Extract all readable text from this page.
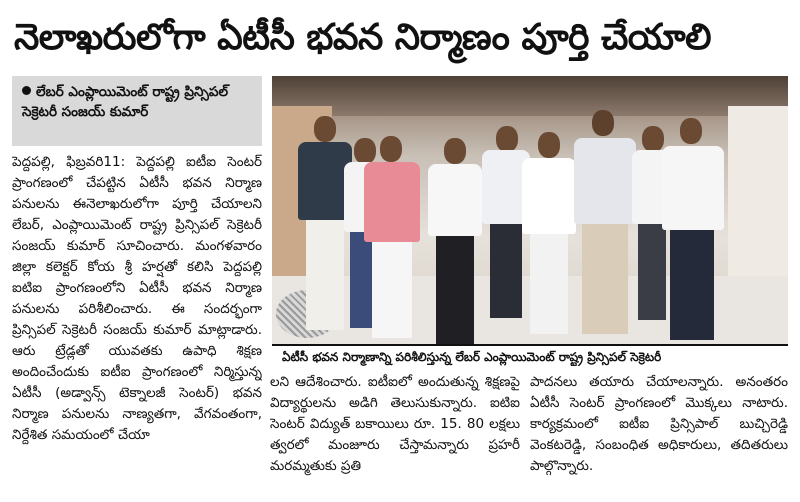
నెలాఖరులోగా ఏటీసీ భవన నిర్మాణం పూర్తి చేయాలి
లేబర్ ఎంప్లాయిమెంట్ రాష్ట్ర ప్రిన్సిపల్ సెక్రెటరీ సంజయ్ కుమార్
పెద్దపల్లి, ఫిబ్రవరి11: పెద్దపల్లి ఐటీఐ సెంటర్ ప్రాంగణంలో చేపట్టిన ఏటీసీ భవన నిర్మాణ పనులను ఈనెలాఖరులోగా పూర్తి చేయాలని లేబర్, ఎంప్లాయిమెంట్ రాష్ట్ర ప్రిన్సిపల్ సెక్రెటరీ సంజయ్ కుమార్ సూచించారు. మంగళవారం జిల్లా కలెక్టర్ కోయ శ్రీ హర్షతో కలిసి పెద్దపల్లి ఐటిఐ ప్రాంగణంలోని ఏటీసీ భవన నిర్మాణ పనులను పరిశీలించారు. ఈ సందర్భంగా ప్రిన్సిపల్ సెక్రెటరీ సంజయ్ కుమార్ మాట్లాడారు. ఆరు ట్రేడ్లతో యువతకు ఉపాధి శిక్షణ అందించేందుకు ఐటీఐ ప్రాంగణంలో నిర్మిస్తున్న ఏటీసీ (అడ్వాన్స్ టెక్నాలజీ సెంటర్) భవన నిర్మాణ పనులను నాణ్యతగా, వేగవంతంగా, నిర్దేశిత సమయంలో చేయా
ఏటీసీ భవన నిర్మాణాన్ని పరిశీలిస్తున్న లేబర్ ఎంప్లాయిమెంట్ రాష్ట్ర ప్రిన్సిపల్ సెక్రెటరీ
లని ఆదేశించారు. ఐటీఐలో అందుతున్న శిక్షణపై విద్యార్థులను అడిగి తెలుసుకున్నారు. ఐటిఐ సెంటర్ విద్యుత్ బకాయిలు రూ. 15. 80 లక్షలు త్వరలో మంజూరు చేస్తామన్నారు ప్రహరీ మరమ్మతుకు ప్రతి
పాదనలు తయారు చేయాలన్నారు. అనంతరం ఏటీసీ సెంటర్ ప్రాంగణంలో మొక్కలు నాటారు. కార్యక్రమంలో ఐటీఐ ప్రిన్సిపాల్ బుచ్చిరెడ్డి వెంకటరెడ్డి, సంబంధిత అధికారులు, తదితరులు పాల్గొన్నారు.
